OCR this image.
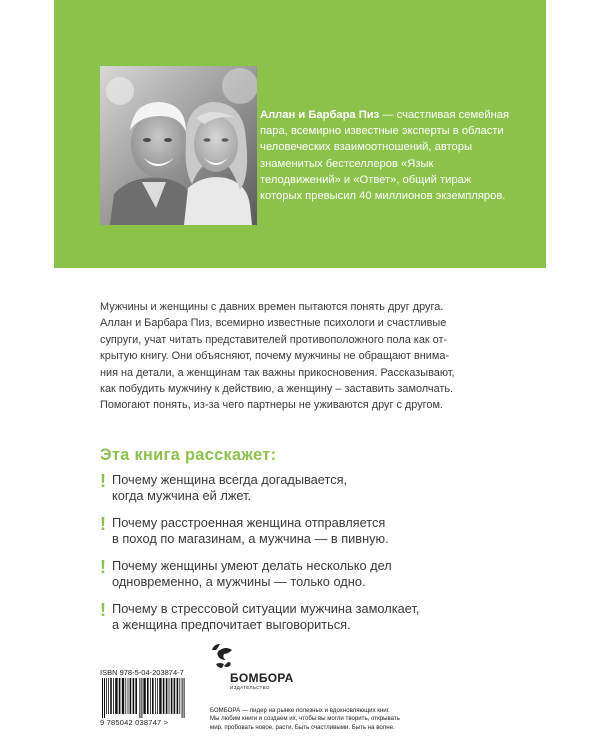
Аллан и Барбара Пиз — счастливая семейная пара, всемирно известные эксперты в области человеческих взаимоотношений, авторы знаменитых бестселлеров «Язык телодвижений» и «Ответ», общий тираж которых превысил 40 миллионов экземпляров.
Мужчины и женщины с давних времен пытаются понять друг друга.
Аллан и Барбара Пиз, всемирно известные психологи и счастливые
супруги, учат читать представителей противоположного пола как от-
крытую книгу. Они объясняют, почему мужчины не обращают внима-
ния на детали, а женщинам так важны прикосновения. Рассказывают,
как побудить мужчину к действию, а женщину – заставить замолчать.
Помогают понять, из-за чего партнеры не уживаются друг с другом.
Эта книга расскажет:
! Почему женщина всегда догадывается,
когда мужчина ей лжет.
! Почему расстроенная женщина отправляется
в поход по магазинам, а мужчина — в пивную.
! Почему женщины умеют делать несколько дел
одновременно, а мужчины — только одно.
! Почему в стрессовой ситуации мужчина замолкает,
а женщина предпочитает выговориться.
ISBN 978-5-04-203874-7
9 785042 038747 >
БОМБОРА
ИЗДАТЕЛЬСТВО
БОМБОРА — лидер на рынке полезных и вдохновляющих книг.
Мы любим книги и создаем их, чтобы вы могли творить, открывать
мир, пробовать новое, расти. Быть счастливыми. Быть на волне.
